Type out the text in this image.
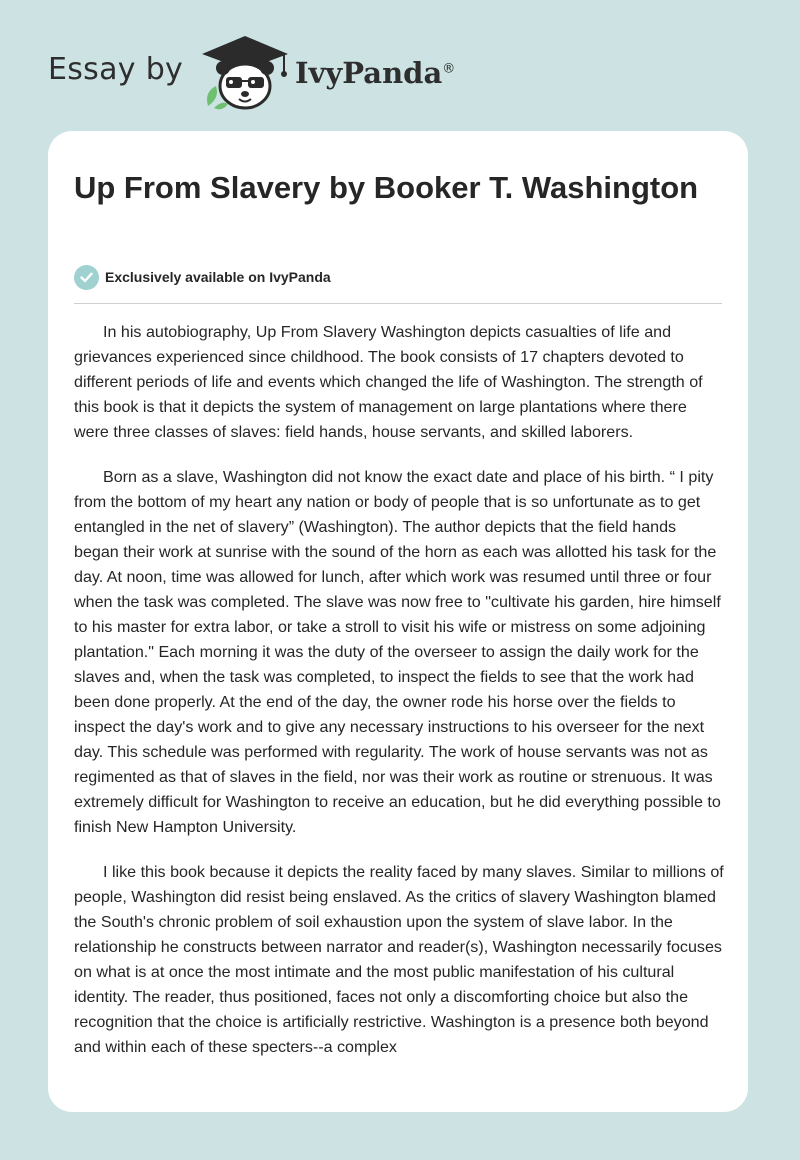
Essay by	IvyPanda®
Up From Slavery by Booker T. Washington
Exclusively available on IvyPanda

In his autobiography, Up From Slavery Washington depicts casualties of life and grievances experienced since childhood. The book consists of 17 chapters devoted to different periods of life and events which changed the life of Washington. The strength of this book is that it depicts the system of management on large plantations where there were three classes of slaves: field hands, house servants, and skilled laborers.

Born as a slave, Washington did not know the exact date and place of his birth. “ I pity from the bottom of my heart any nation or body of people that is so unfortunate as to get entangled in the net of slavery” (Washington). The author depicts that the field hands began their work at sunrise with the sound of the horn as each was allotted his task for the day. At noon, time was allowed for lunch, after which work was resumed until three or four when the task was completed. The slave was now free to "cultivate his garden, hire himself to his master for extra labor, or take a stroll to visit his wife or mistress on some adjoining plantation." Each morning it was the duty of the overseer to assign the daily work for the slaves and, when the task was completed, to inspect the fields to see that the work had been done properly. At the end of the day, the owner rode his horse over the fields to inspect the day's work and to give any necessary instructions to his overseer for the next day. This schedule was performed with regularity. The work of house servants was not as regimented as that of slaves in the field, nor was their work as routine or strenuous. It was extremely difficult for Washington to receive an education, but he did everything possible to finish New Hampton University.

I like this book because it depicts the reality faced by many slaves. Similar to millions of people, Washington did resist being enslaved. As the critics of slavery Washington blamed the South's chronic problem of soil exhaustion upon the system of slave labor. In the relationship he constructs between narrator and reader(s), Washington necessarily focuses on what is at once the most intimate and the most public manifestation of his cultural identity. The reader, thus positioned, faces not only a discomforting choice but also the recognition that the choice is artificially restrictive. Washington is a presence both beyond and within each of these specters--a complex
